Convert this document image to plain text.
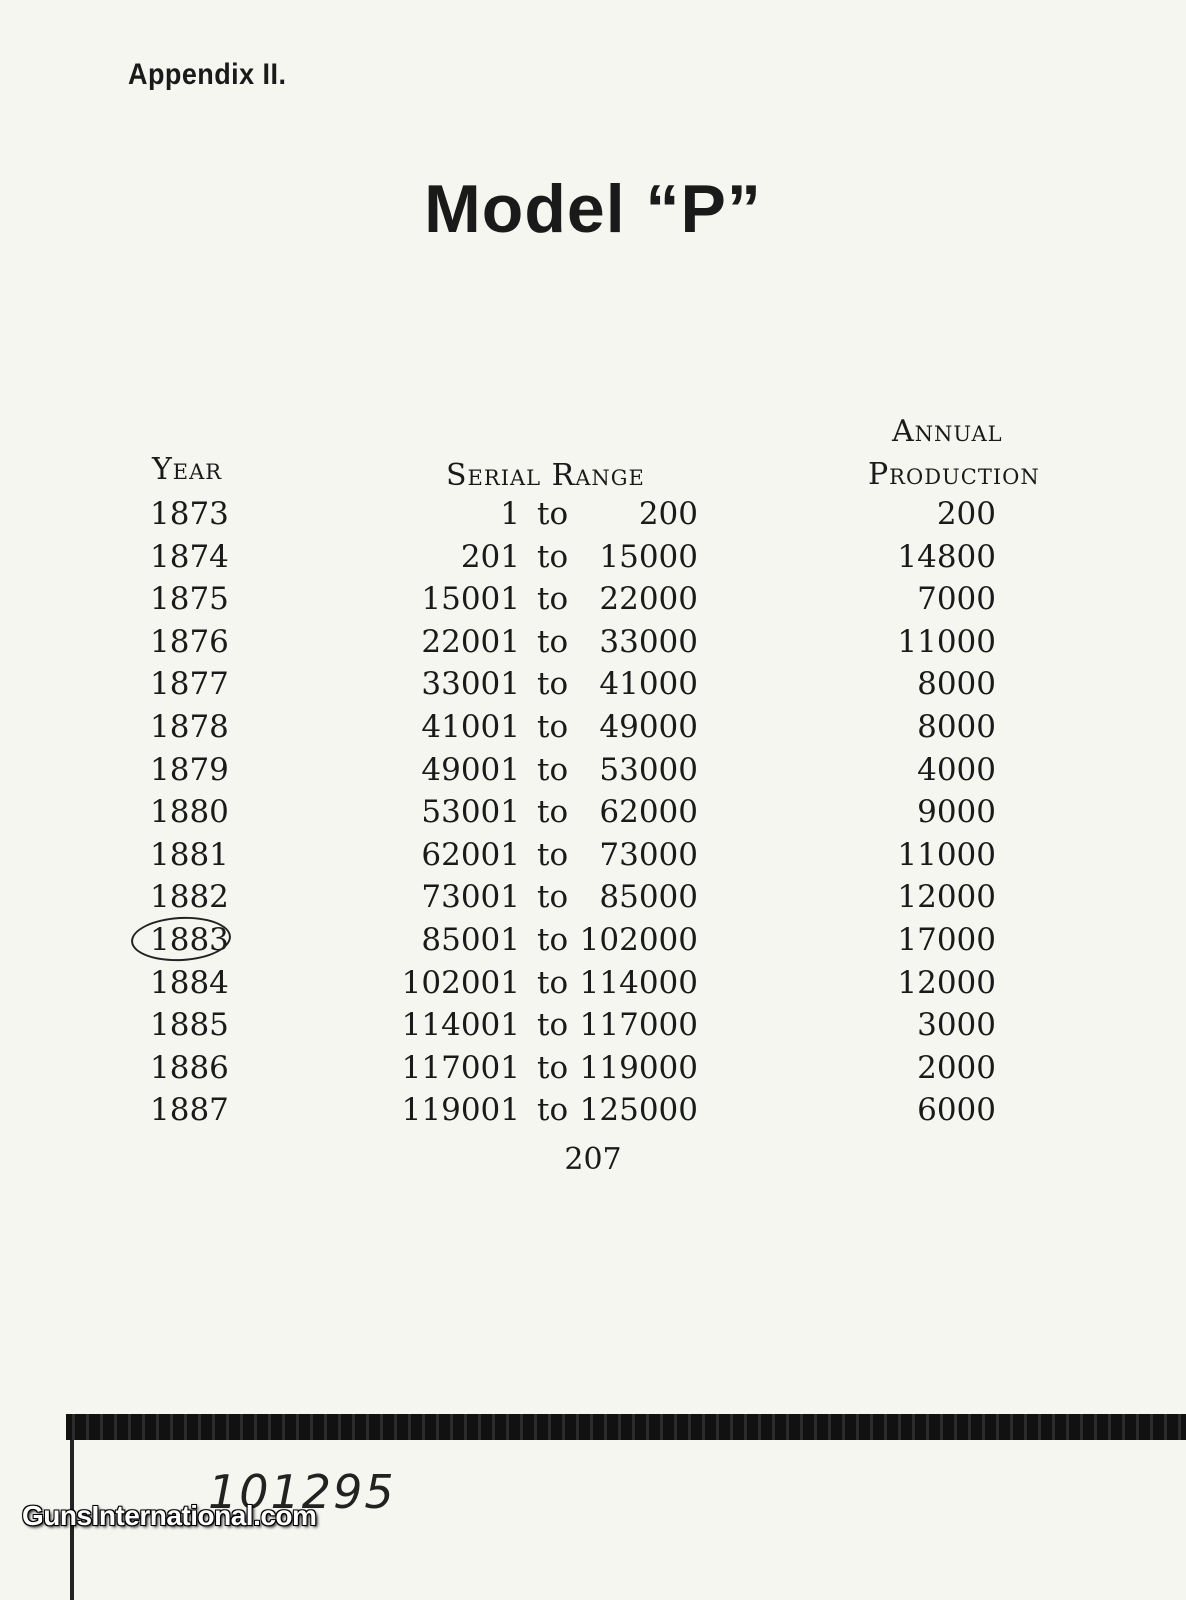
Appendix II.
Model “P”
Year	Serial Range
Annual
Production
1873	1 to 200	200
1874	201 to 15000	14800
1875	15001 to 22000	7000
1876	22001 to 33000	11000
1877	33001 to 41000	8000
1878	41001 to 49000	8000
1879	49001 to 53000	4000
1880	53001 to 62000	9000
1881	62001 to 73000	11000
1882	73001 to 85000	12000
1883	85001 to 102000	17000
1884	102001 to 114000	12000
1885	114001 to 117000	3000
1886	117001 to 119000	2000
1887	119001 to 125000	6000
207
101295
GunsInternational.com
